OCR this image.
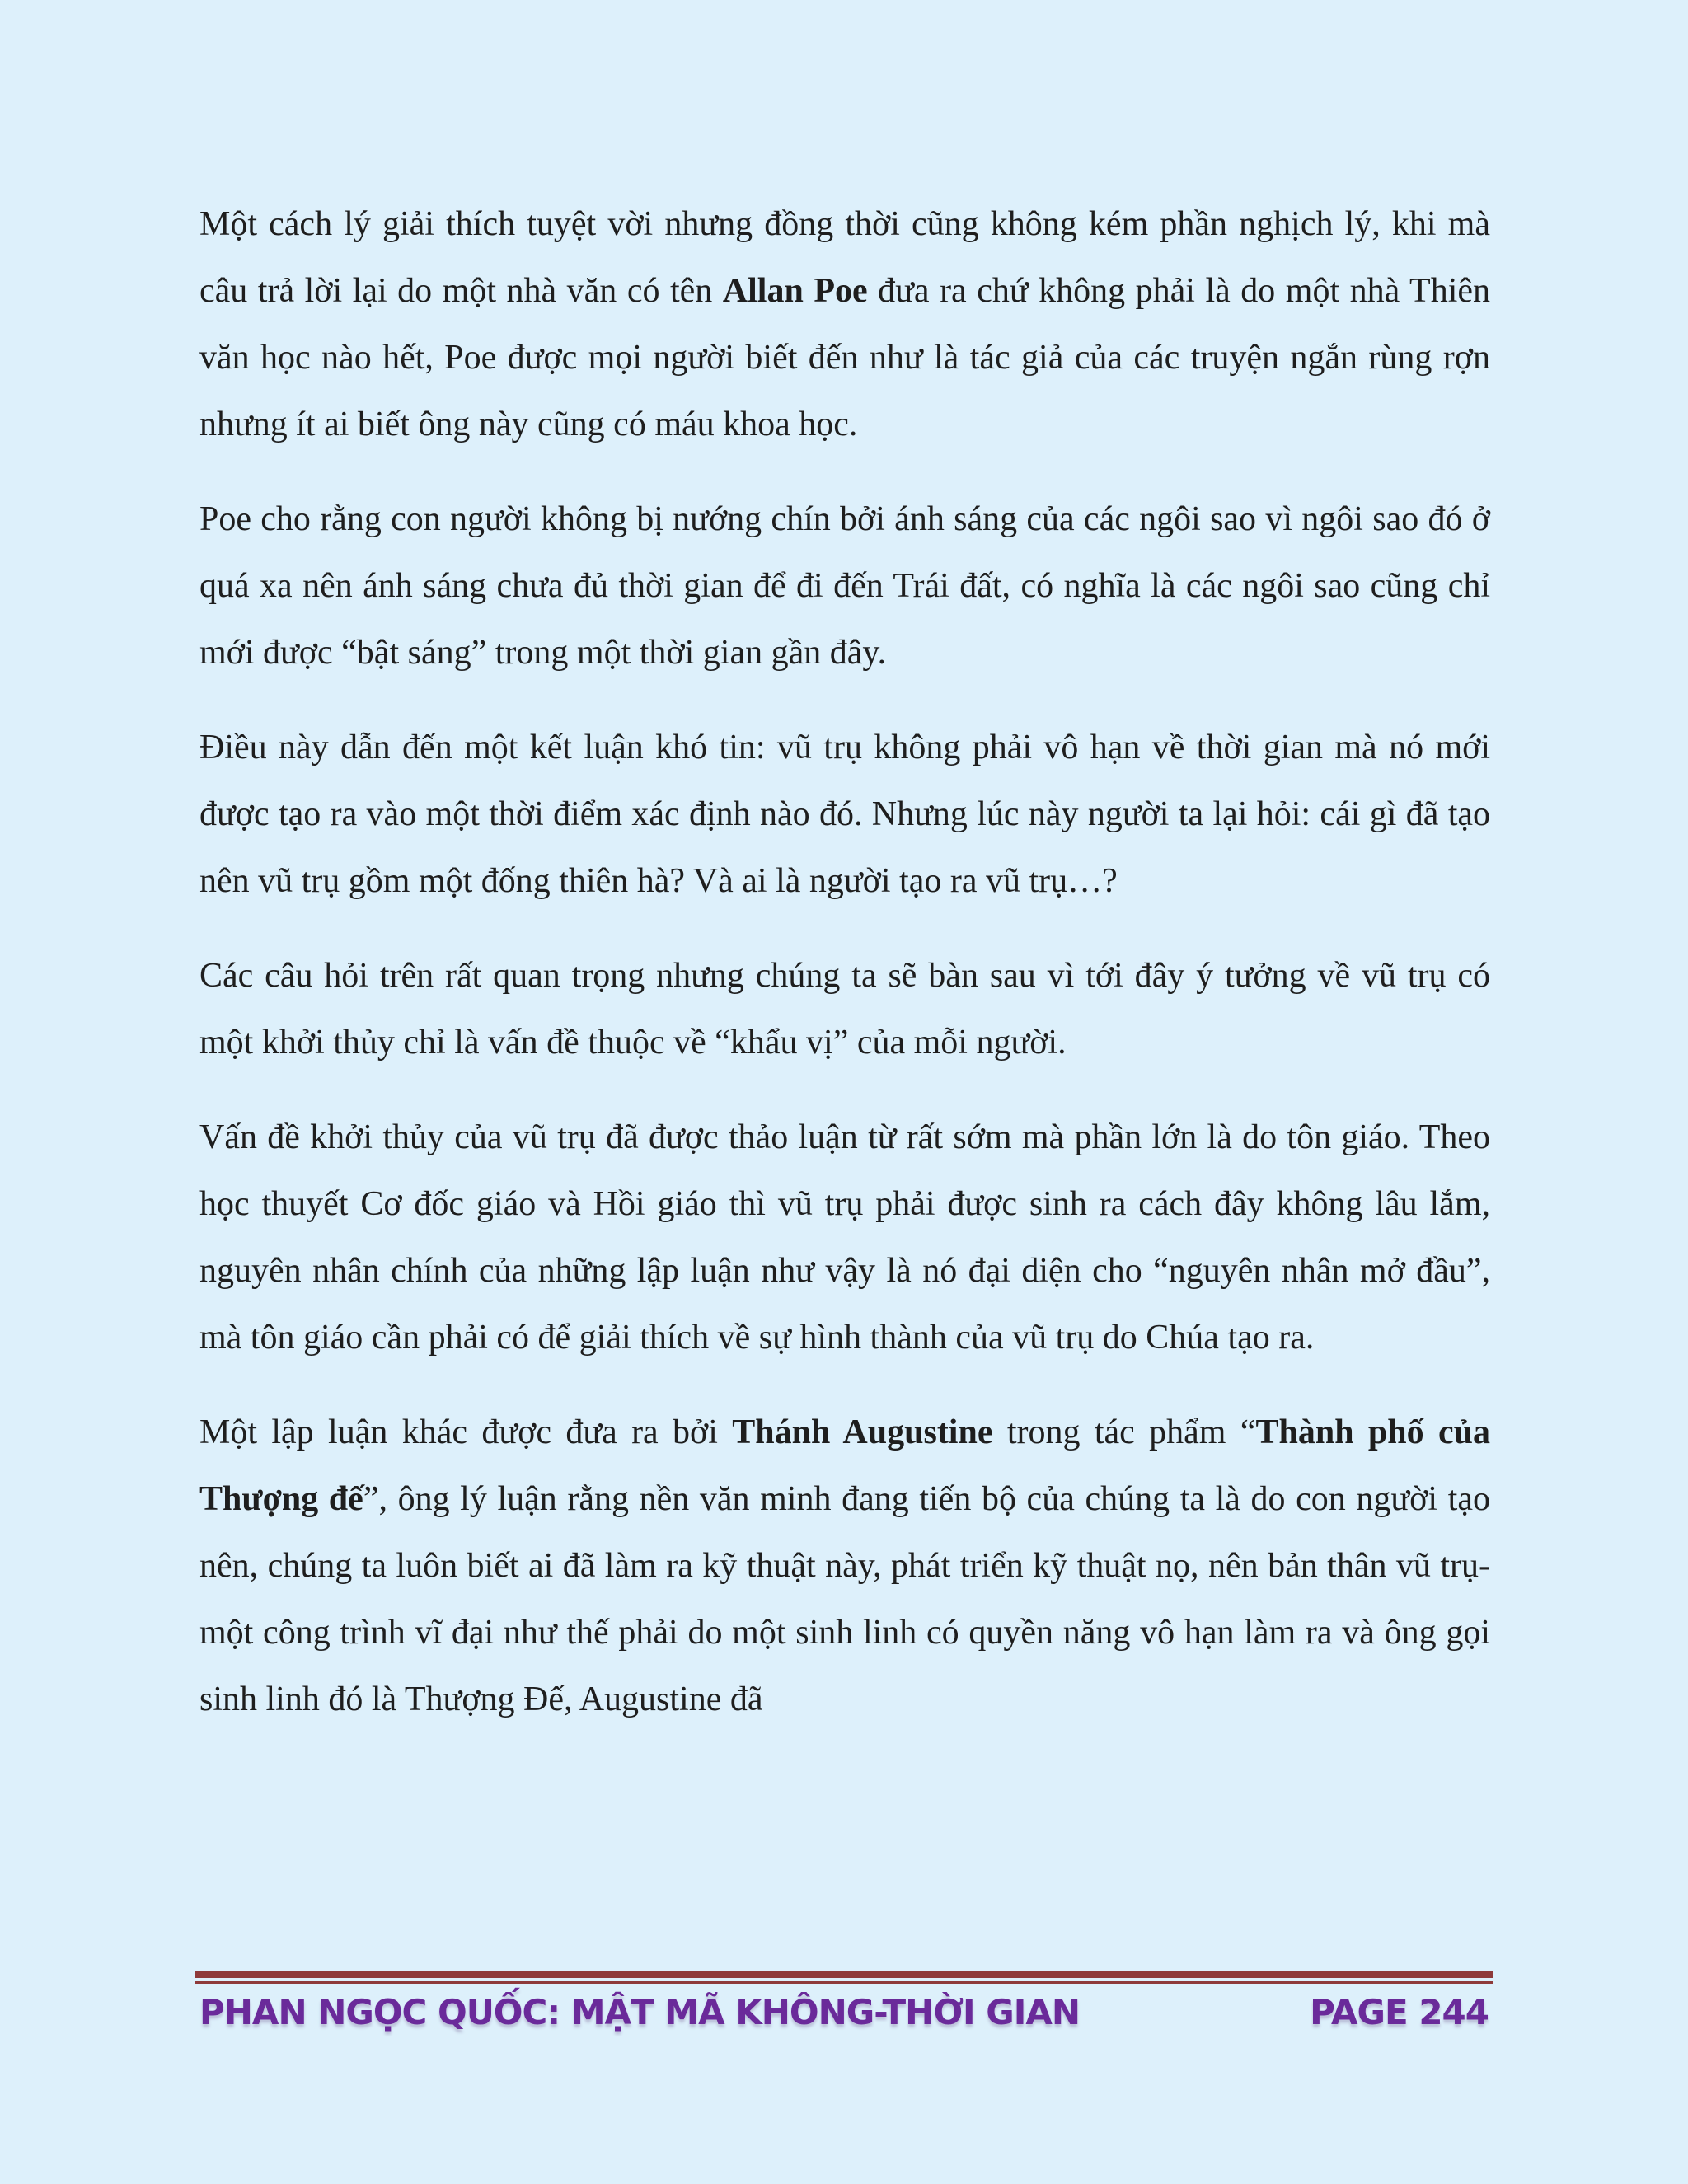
Một cách lý giải thích tuyệt vời nhưng đồng thời cũng không kém phần nghịch lý, khi mà câu trả lời lại do một nhà văn có tên Allan Poe đưa ra chứ không phải là do một nhà Thiên văn học nào hết, Poe được mọi người biết đến như là tác giả của các truyện ngắn rùng rợn nhưng ít ai biết ông này cũng có máu khoa học.

Poe cho rằng con người không bị nướng chín bởi ánh sáng của các ngôi sao vì ngôi sao đó ở quá xa nên ánh sáng chưa đủ thời gian để đi đến Trái đất, có nghĩa là các ngôi sao cũng chỉ mới được “bật sáng” trong một thời gian gần đây.

Điều này dẫn đến một kết luận khó tin: vũ trụ không phải vô hạn về thời gian mà nó mới được tạo ra vào một thời điểm xác định nào đó. Nhưng lúc này người ta lại hỏi: cái gì đã tạo nên vũ trụ gồm một đống thiên hà? Và ai là người tạo ra vũ trụ…?

Các câu hỏi trên rất quan trọng nhưng chúng ta sẽ bàn sau vì tới đây ý tưởng về vũ trụ có một khởi thủy chỉ là vấn đề thuộc về “khẩu vị” của mỗi người.

Vấn đề khởi thủy của vũ trụ đã được thảo luận từ rất sớm mà phần lớn là do tôn giáo. Theo học thuyết Cơ đốc giáo và Hồi giáo thì vũ trụ phải được sinh ra cách đây không lâu lắm, nguyên nhân chính của những lập luận như vậy là nó đại diện cho “nguyên nhân mở đầu”, mà tôn giáo cần phải có để giải thích về sự hình thành của vũ trụ do Chúa tạo ra.

Một lập luận khác được đưa ra bởi Thánh Augustine trong tác phẩm “Thành phố của Thượng đế”, ông lý luận rằng nền văn minh đang tiến bộ của chúng ta là do con người tạo nên, chúng ta luôn biết ai đã làm ra kỹ thuật này, phát triển kỹ thuật nọ, nên bản thân vũ trụ-một công trình vĩ đại như thế phải do một sinh linh có quyền năng vô hạn làm ra và ông gọi sinh linh đó là Thượng Đế, Augustine đã

PHAN NGỌC QUỐC: MẬT MÃ KHÔNG-THỜI GIAN	PAGE 244
